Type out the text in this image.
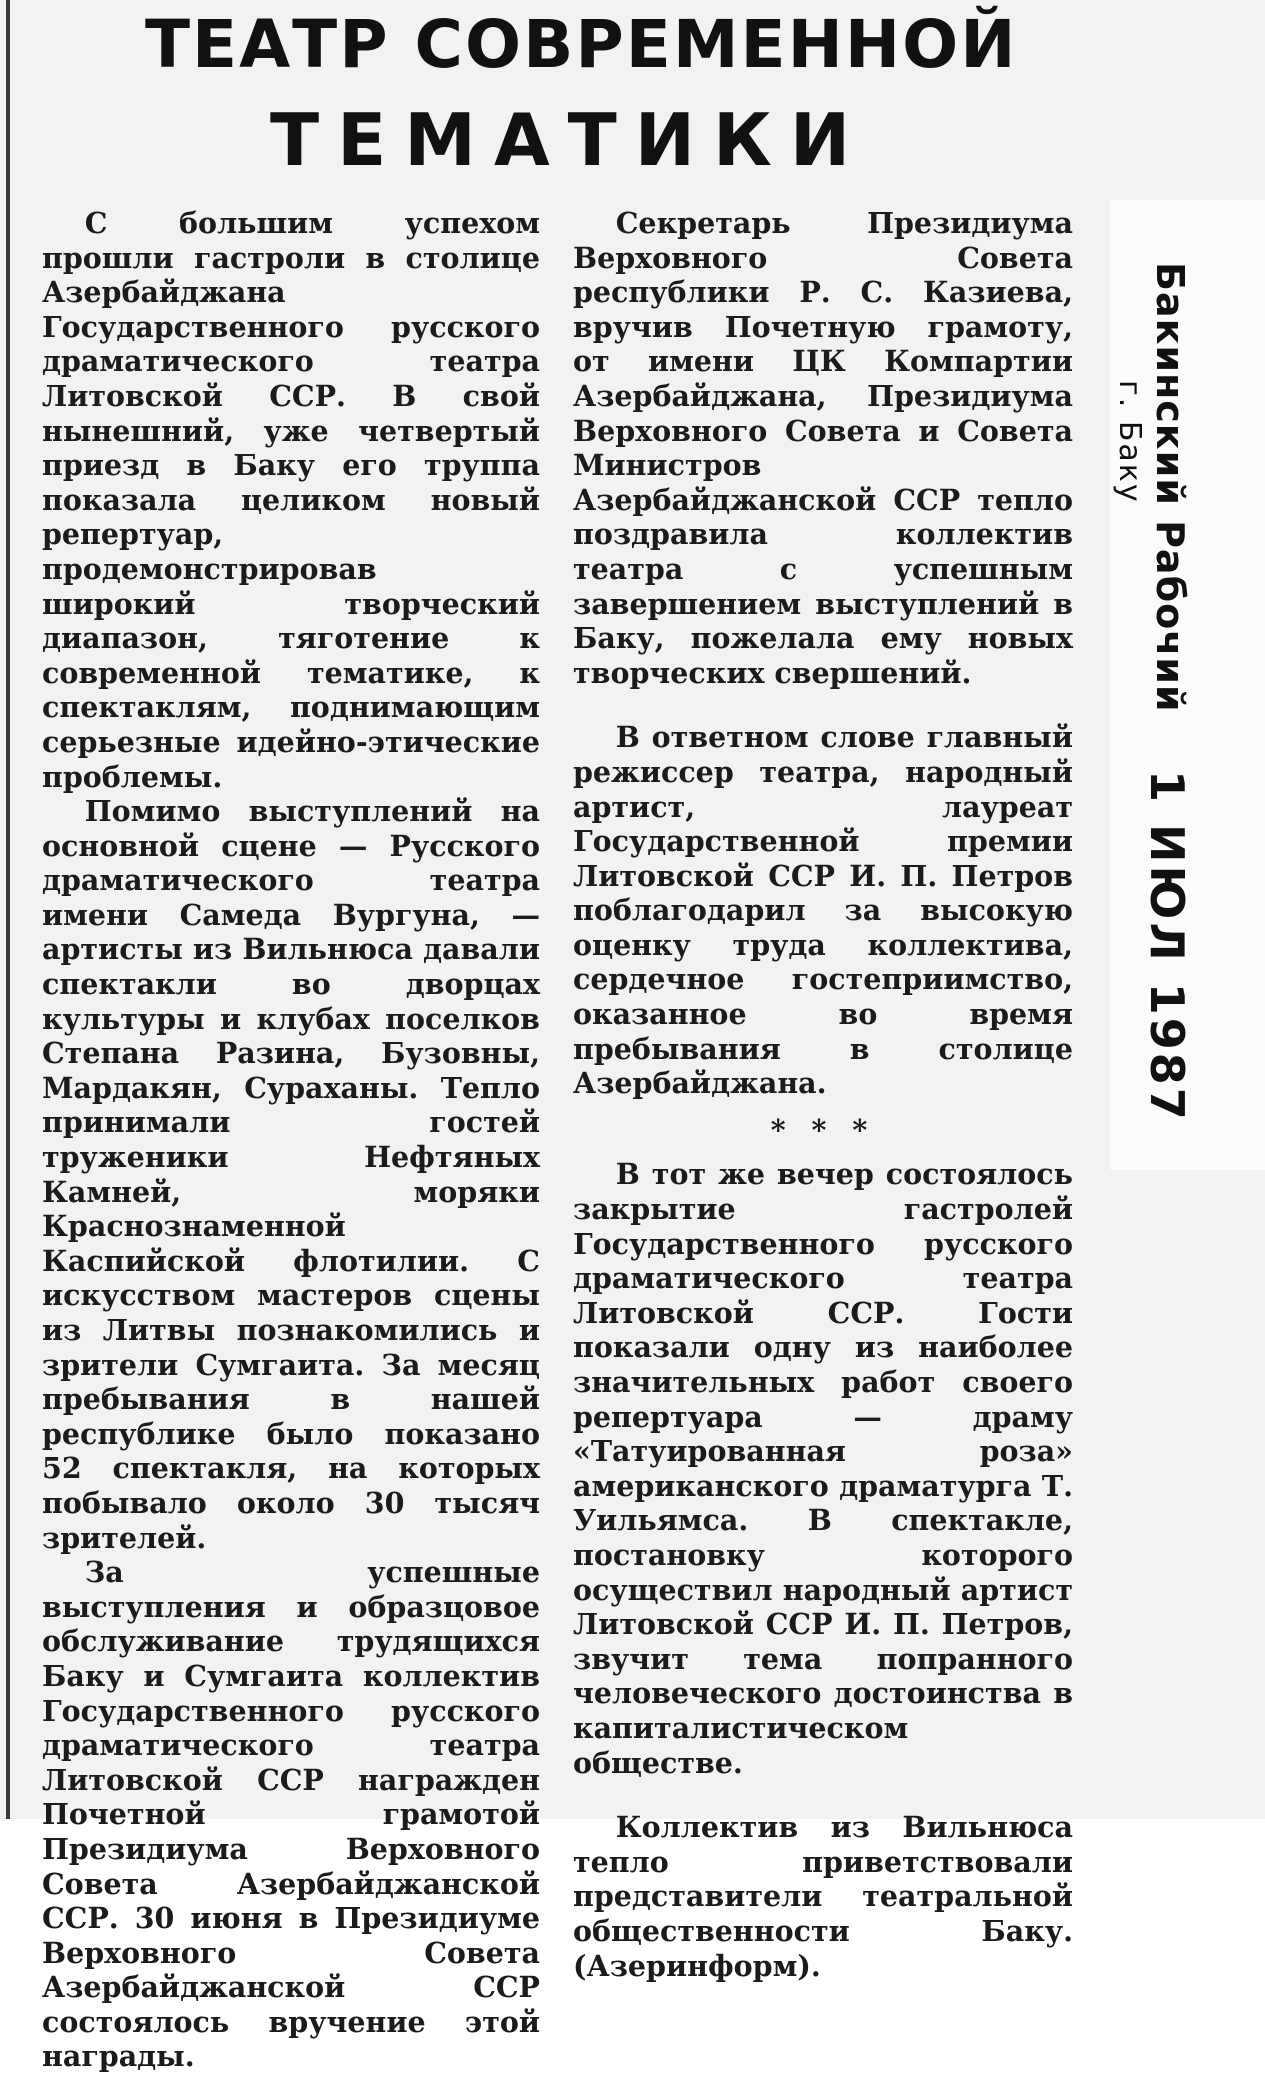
ТЕАТР СОВРЕМЕННОЙ
ТЕМАТИКИ

С большим успехом прошли гастроли в столице Азербайджана Государственного русского драматического театра Литовской ССР. В свой нынешний, уже четвертый приезд в Баку его труппа показала целиком новый репертуар, продемонстрировав широкий творческий диапазон, тяготение к современной тематике, к спектаклям, поднимающим серьезные идейно-этические проблемы.

Помимо выступлений на основной сцене — Русского драматического театра имени Самеда Вургуна, — артисты из Вильнюса давали спектакли во дворцах культуры и клубах поселков Степана Разина, Бузовны, Мардакян, Сураханы. Тепло принимали гостей труженики Нефтяных Камней, моряки Краснознаменной Каспийской флотилии. С искусством мастеров сцены из Литвы познакомились и зрители Сумгаита. За месяц пребывания в нашей республике было показано 52 спектакля, на которых побывало около 30 тысяч зрителей.

За успешные выступления и образцовое обслуживание трудящихся Баку и Сумгаита коллектив Государственного русского драматического театра Литовской ССР награжден Почетной грамотой Президиума Верховного Совета Азербайджанской ССР. 30 июня в Президиуме Верховного Совета Азербайджанской ССР состоялось вручение этой награды.

Секретарь Президиума Верховного Совета республики Р. С. Казиева, вручив Почетную грамоту, от имени ЦК Компартии Азербайджана, Президиума Верховного Совета и Совета Министров Азербайджанской ССР тепло поздравила коллектив театра с успешным завершением выступлений в Баку, пожелала ему новых творческих свершений.

В ответном слове главный режиссер театра, народный артист, лауреат Государственной премии Литовской ССР И. П. Петров поблагодарил за высокую оценку труда коллектива, сердечное гостеприимство, оказанное во время пребывания в столице Азербайджана.

* * *

В тот же вечер состоялось закрытие гастролей Государственного русского драматического театра Литовской ССР. Гости показали одну из наиболее значительных работ своего репертуара — драму «Татуированная роза» американского драматурга Т. Уильямса. В спектакле, постановку которого осуществил народный артист Литовской ССР И. П. Петров, звучит тема попранного человеческого достоинства в капиталистическом обществе.

Коллектив из Вильнюса тепло приветствовали представители театральной общественности Баку. (Азеринформ).

Бакинский Рабочий
г. Баку
1 ИЮЛ 1987
